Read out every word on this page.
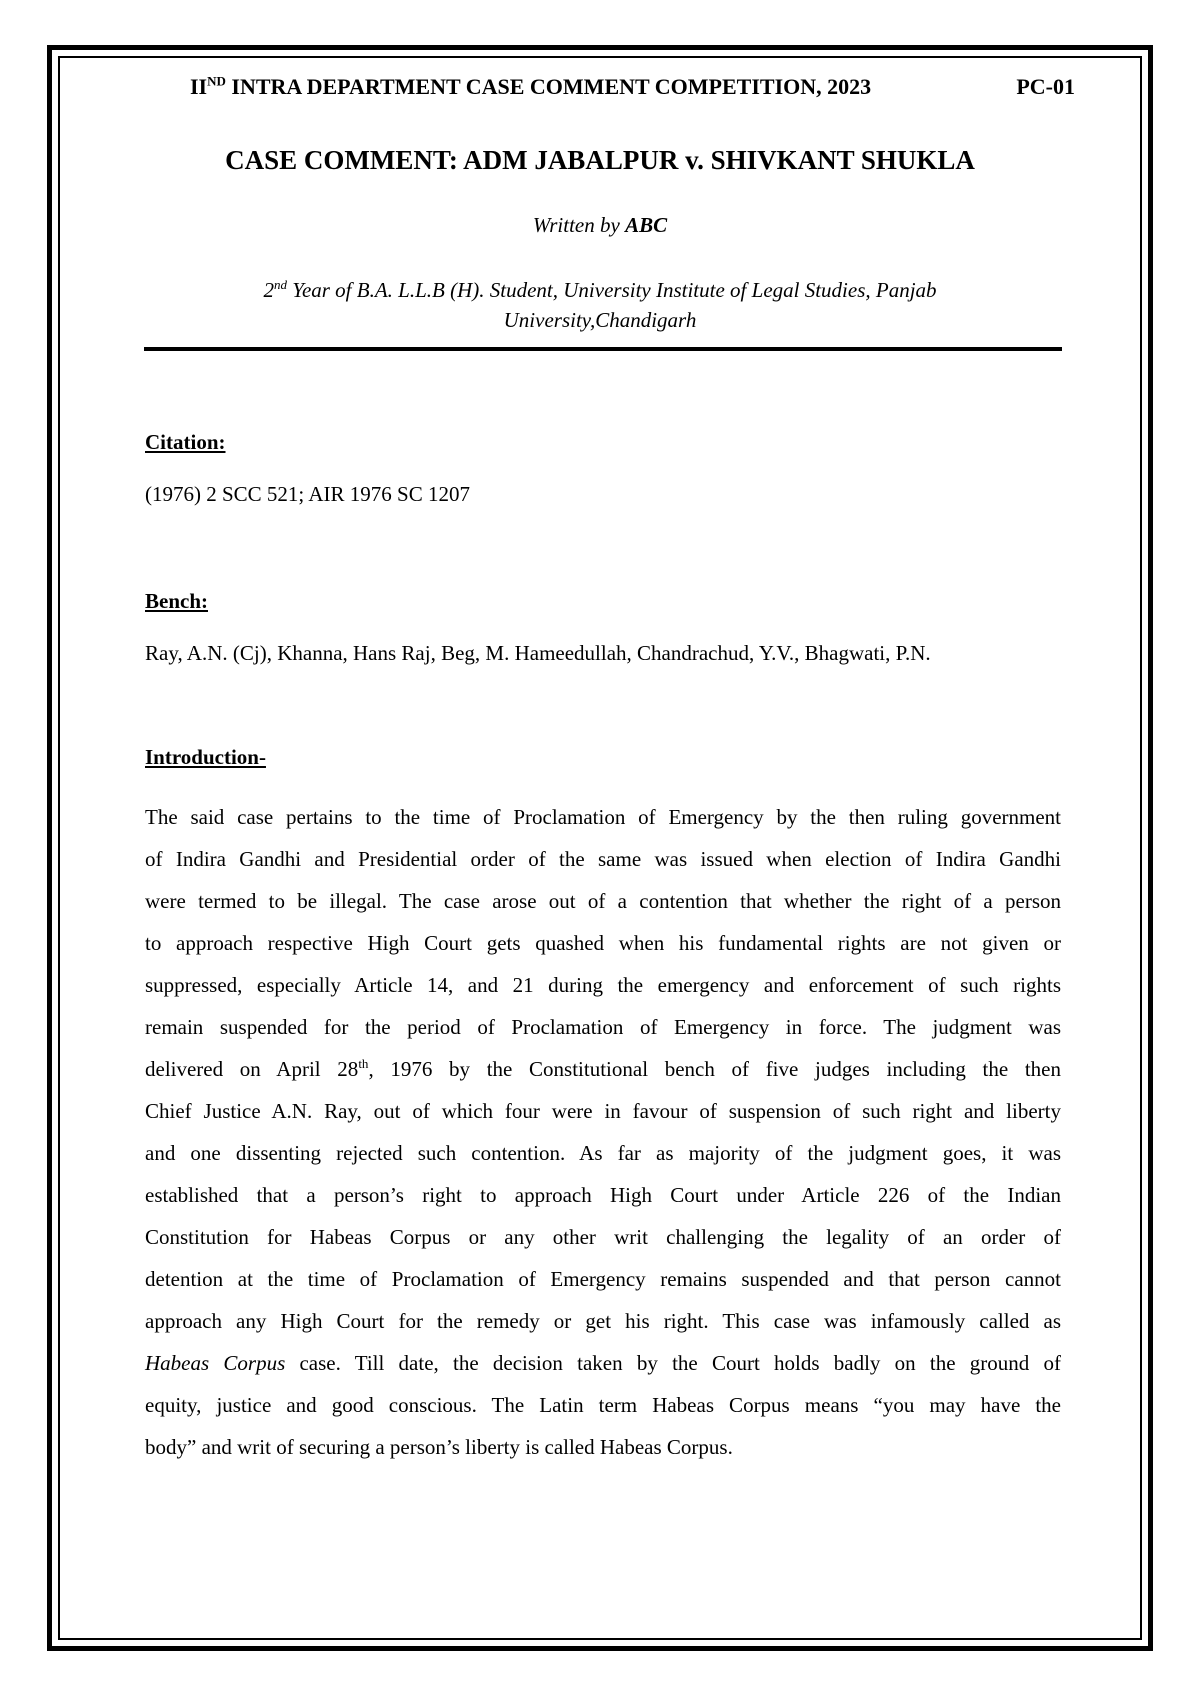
IIND INTRA DEPARTMENT CASE COMMENT COMPETITION, 2023	PC-01
CASE COMMENT: ADM JABALPUR v. SHIVKANT SHUKLA
Written by ABC
2nd Year of B.A. L.L.B (H). Student, University Institute of Legal Studies, Panjab
University,Chandigarh
Citation:
(1976) 2 SCC 521; AIR 1976 SC 1207
Bench:
Ray, A.N. (Cj), Khanna, Hans Raj, Beg, M. Hameedullah, Chandrachud, Y.V., Bhagwati, P.N.
Introduction-
The said case pertains to the time of Proclamation of Emergency by the then ruling government
of Indira Gandhi and Presidential order of the same was issued when election of Indira Gandhi
were termed to be illegal. The case arose out of a contention that whether the right of a person
to approach respective High Court gets quashed when his fundamental rights are not given or
suppressed, especially Article 14, and 21 during the emergency and enforcement of such rights
remain suspended for the period of Proclamation of Emergency in force. The judgment was
delivered on April 28th, 1976 by the Constitutional bench of five judges including the then
Chief Justice A.N. Ray, out of which four were in favour of suspension of such right and liberty
and one dissenting rejected such contention. As far as majority of the judgment goes, it was
established that a person’s right to approach High Court under Article 226 of the Indian
Constitution for Habeas Corpus or any other writ challenging the legality of an order of
detention at the time of Proclamation of Emergency remains suspended and that person cannot
approach any High Court for the remedy or get his right. This case was infamously called as
Habeas Corpus case. Till date, the decision taken by the Court holds badly on the ground of
equity, justice and good conscious. The Latin term Habeas Corpus means “you may have the
body” and writ of securing a person’s liberty is called Habeas Corpus.
